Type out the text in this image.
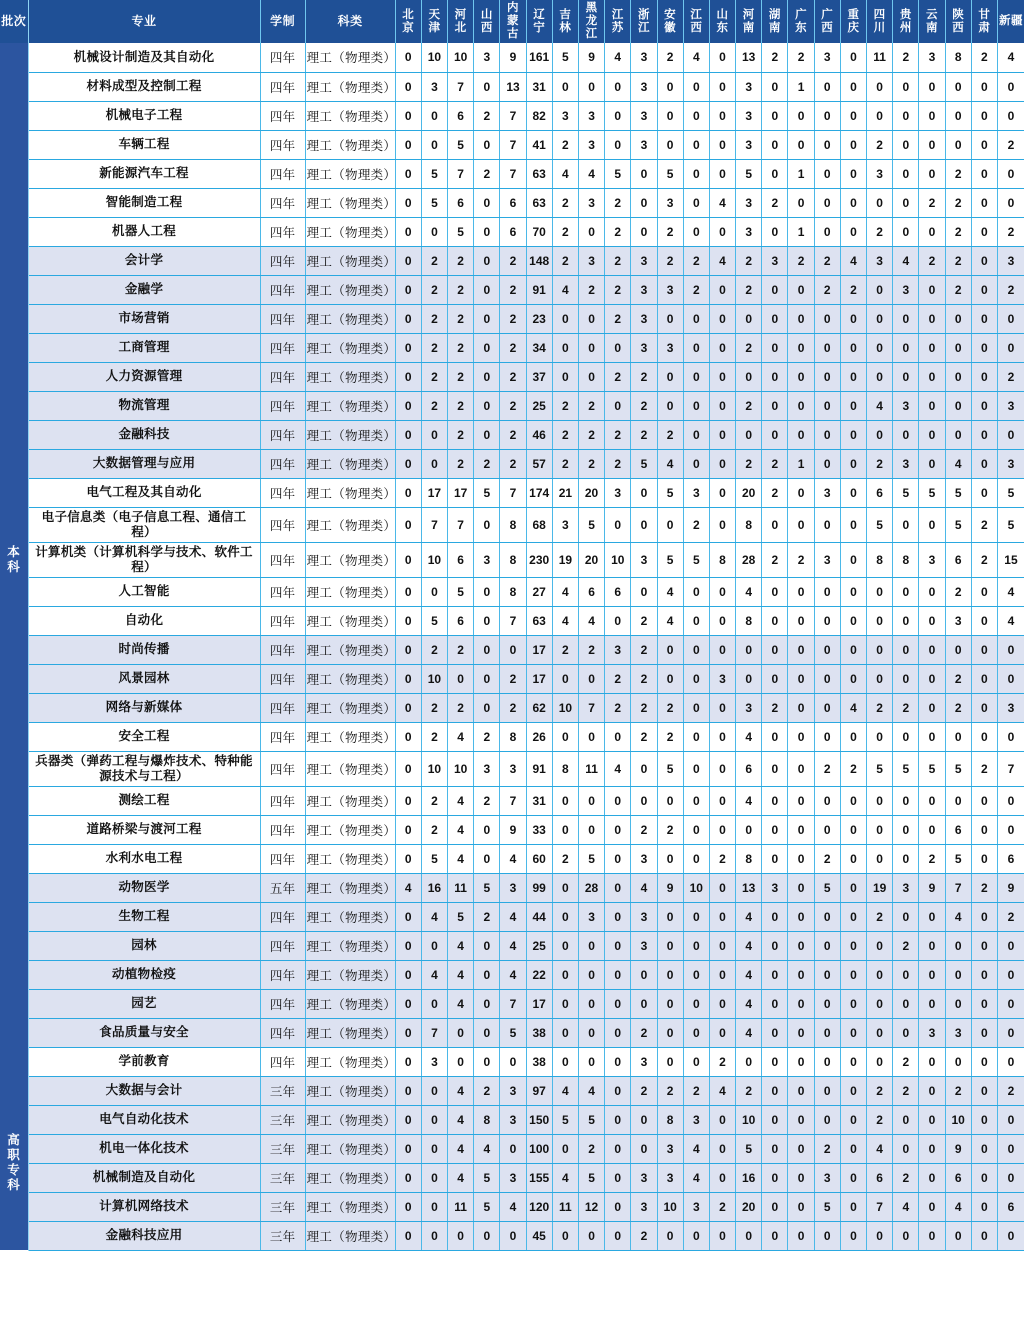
批次	专业	学制	科类	北京	天津	河北	山西	内蒙古	辽宁	吉林	黑龙江	江苏	浙江	安徽	江西	山东	河南	湖南	广东	广西	重庆	四川	贵州	云南	陕西	甘肃	新疆

本科	机械设计制造及其自动化	四年	理工（物理类）	0	10	10	3	9	161	5	9	4	3	2	4	0	13	2	2	3	0	11	2	3	8	2	4
	材料成型及控制工程	四年	理工（物理类）	0	3	7	0	13	31	0	0	0	3	0	0	0	3	0	1	0	0	0	0	0	0	0	0
	机械电子工程	四年	理工（物理类）	0	0	6	2	7	82	3	3	0	3	0	0	0	3	0	0	0	0	0	0	0	0	0	0
	车辆工程	四年	理工（物理类）	0	0	5	0	7	41	2	3	0	3	0	0	0	3	0	0	0	0	2	0	0	0	0	2
	新能源汽车工程	四年	理工（物理类）	0	5	7	2	7	63	4	4	5	0	5	0	0	5	0	1	0	0	3	0	0	2	0	0
	智能制造工程	四年	理工（物理类）	0	5	6	0	6	63	2	3	2	0	3	0	4	3	2	0	0	0	0	0	2	2	0	0
	机器人工程	四年	理工（物理类）	0	0	5	0	6	70	2	0	2	0	2	0	0	3	0	1	0	0	2	0	0	2	0	2
	会计学	四年	理工（物理类）	0	2	2	0	2	148	2	3	2	3	2	2	4	2	3	2	2	4	3	4	2	2	0	3
	金融学	四年	理工（物理类）	0	2	2	0	2	91	4	2	2	3	3	2	0	2	0	0	2	2	0	3	0	2	0	2
	市场营销	四年	理工（物理类）	0	2	2	0	2	23	0	0	2	3	0	0	0	0	0	0	0	0	0	0	0	0	0	0
	工商管理	四年	理工（物理类）	0	2	2	0	2	34	0	0	0	3	3	0	0	2	0	0	0	0	0	0	0	0	0	0
	人力资源管理	四年	理工（物理类）	0	2	2	0	2	37	0	0	2	2	0	0	0	0	0	0	0	0	0	0	0	0	0	2
	物流管理	四年	理工（物理类）	0	2	2	0	2	25	2	2	0	2	0	0	0	2	0	0	0	0	4	3	0	0	0	3
	金融科技	四年	理工（物理类）	0	0	2	0	2	46	2	2	2	2	2	0	0	0	0	0	0	0	0	0	0	0	0	0
	大数据管理与应用	四年	理工（物理类）	0	0	2	2	2	57	2	2	2	5	4	0	0	2	2	1	0	0	2	3	0	4	0	3
	电气工程及其自动化	四年	理工（物理类）	0	17	17	5	7	174	21	20	3	0	5	3	0	20	2	0	3	0	6	5	5	5	0	5
	电子信息类（电子信息工程、通信工程）	四年	理工（物理类）	0	7	7	0	8	68	3	5	0	0	0	2	0	8	0	0	0	0	5	0	0	5	2	5
	计算机类（计算机科学与技术、软件工程）	四年	理工（物理类）	0	10	6	3	8	230	19	20	10	3	5	5	8	28	2	2	3	0	8	8	3	6	2	15
	人工智能	四年	理工（物理类）	0	0	5	0	8	27	4	6	6	0	4	0	0	4	0	0	0	0	0	0	0	2	0	4
	自动化	四年	理工（物理类）	0	5	6	0	7	63	4	4	0	2	4	0	0	8	0	0	0	0	0	0	0	3	0	4
	时尚传播	四年	理工（物理类）	0	2	2	0	0	17	2	2	3	2	0	0	0	0	0	0	0	0	0	0	0	0	0	0
	风景园林	四年	理工（物理类）	0	10	0	0	2	17	0	0	2	2	0	0	3	0	0	0	0	0	0	0	0	2	0	0
	网络与新媒体	四年	理工（物理类）	0	2	2	0	2	62	10	7	2	2	2	0	0	3	2	0	0	4	2	2	0	2	0	3
	安全工程	四年	理工（物理类）	0	2	4	2	8	26	0	0	0	2	2	0	0	4	0	0	0	0	0	0	0	0	0	0
	兵器类（弹药工程与爆炸技术、特种能源技术与工程）	四年	理工（物理类）	0	10	10	3	3	91	8	11	4	0	5	0	0	6	0	0	2	2	5	5	5	5	2	7
	测绘工程	四年	理工（物理类）	0	2	4	2	7	31	0	0	0	0	0	0	0	4	0	0	0	0	0	0	0	0	0	0
	道路桥梁与渡河工程	四年	理工（物理类）	0	2	4	0	9	33	0	0	0	2	2	0	0	0	0	0	0	0	0	0	0	6	0	0
	水利水电工程	四年	理工（物理类）	0	5	4	0	4	60	2	5	0	3	0	0	2	8	0	0	2	0	0	0	2	5	0	6
	动物医学	五年	理工（物理类）	4	16	11	5	3	99	0	28	0	4	9	10	0	13	3	0	5	0	19	3	9	7	2	9
	生物工程	四年	理工（物理类）	0	4	5	2	4	44	0	3	0	3	0	0	0	4	0	0	0	0	2	0	0	4	0	2
	园林	四年	理工（物理类）	0	0	4	0	4	25	0	0	0	3	0	0	0	4	0	0	0	0	0	2	0	0	0	0
	动植物检疫	四年	理工（物理类）	0	4	4	0	4	22	0	0	0	0	0	0	0	4	0	0	0	0	0	0	0	0	0	0
	园艺	四年	理工（物理类）	0	0	4	0	7	17	0	0	0	0	0	0	0	4	0	0	0	0	0	0	0	0	0	0
	食品质量与安全	四年	理工（物理类）	0	7	0	0	5	38	0	0	0	2	0	0	0	4	0	0	0	0	0	0	3	3	0	0
	学前教育	四年	理工（物理类）	0	3	0	0	0	38	0	0	0	3	0	0	2	0	0	0	0	0	0	2	0	0	0	0

高职
专科	大数据与会计	三年	理工（物理类）	0	0	4	2	3	97	4	4	0	2	2	2	4	2	0	0	0	0	2	2	0	2	0	2
	电气自动化技术	三年	理工（物理类）	0	0	4	8	3	150	5	5	0	0	8	3	0	10	0	0	0	0	2	0	0	10	0	0
	机电一体化技术	三年	理工（物理类）	0	0	4	4	0	100	0	2	0	0	3	4	0	5	0	0	2	0	4	0	0	9	0	0
	机械制造及自动化	三年	理工（物理类）	0	0	4	5	3	155	4	5	0	3	3	4	0	16	0	0	3	0	6	2	0	6	0	0
	计算机网络技术	三年	理工（物理类）	0	0	11	5	4	120	11	12	0	3	10	3	2	20	0	0	5	0	7	4	0	4	0	6
	金融科技应用	三年	理工（物理类）	0	0	0	0	0	45	0	0	0	2	0	0	0	0	0	0	0	0	0	0	0	0	0	0
